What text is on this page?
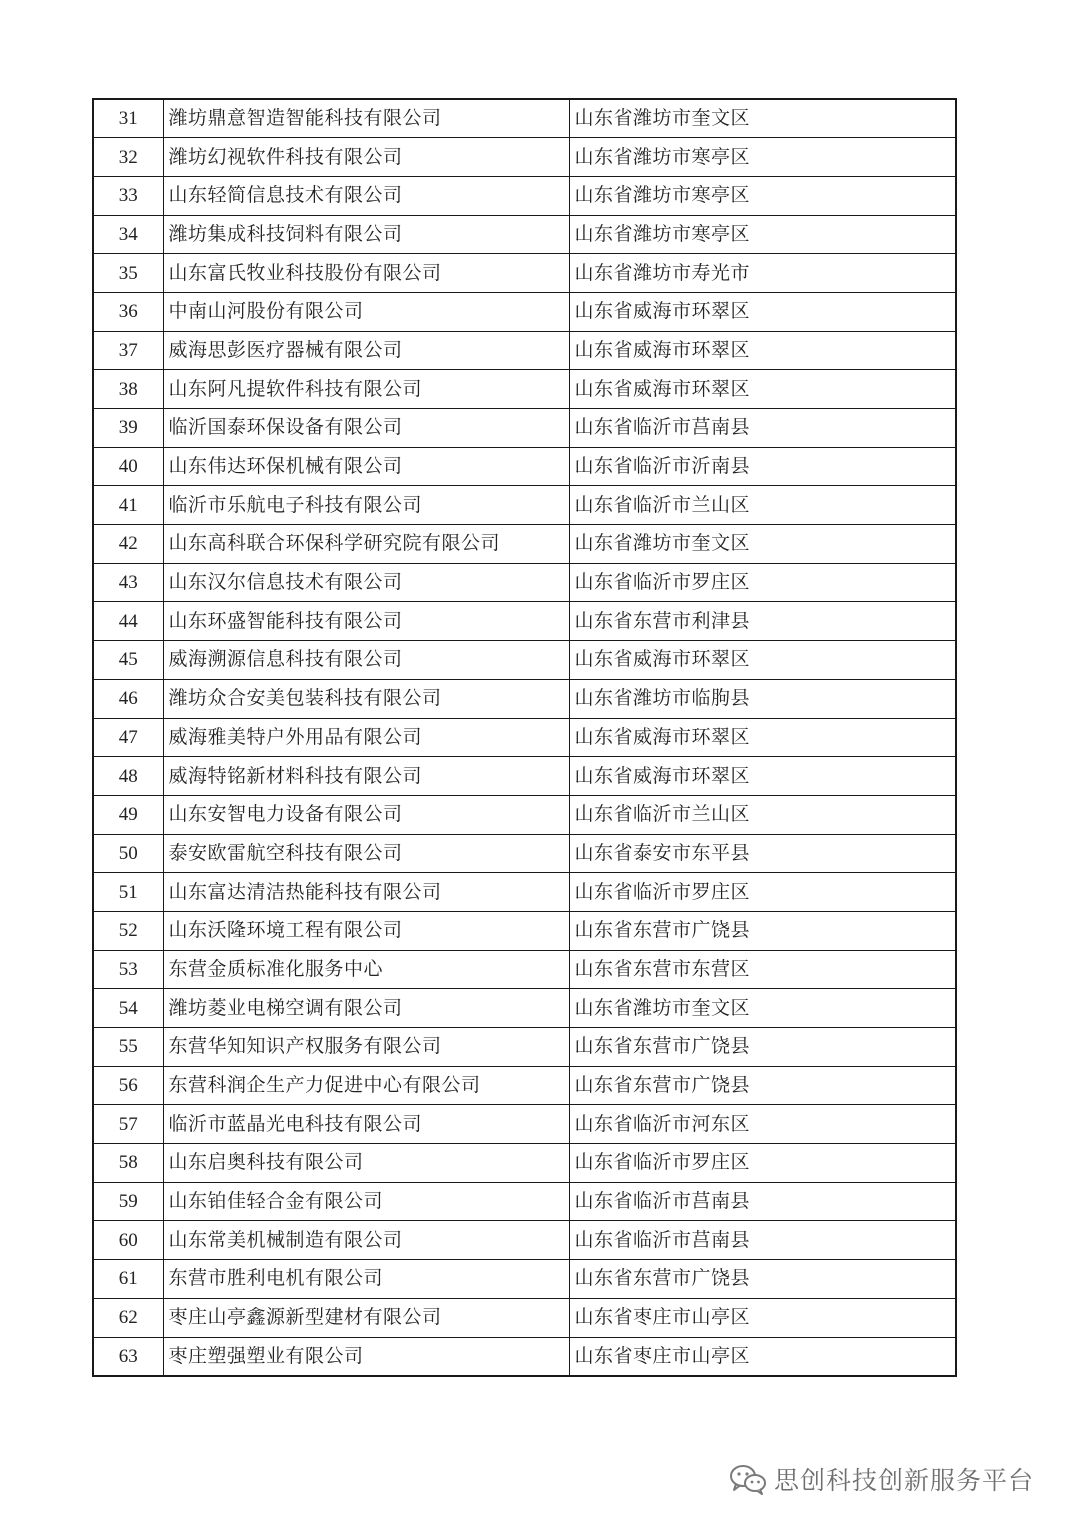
31	潍坊鼎意智造智能科技有限公司	山东省潍坊市奎文区
32	潍坊幻视软件科技有限公司	山东省潍坊市寒亭区
33	山东轻简信息技术有限公司	山东省潍坊市寒亭区
34	潍坊集成科技饲料有限公司	山东省潍坊市寒亭区
35	山东富氏牧业科技股份有限公司	山东省潍坊市寿光市
36	中南山河股份有限公司	山东省威海市环翠区
37	威海思彭医疗器械有限公司	山东省威海市环翠区
38	山东阿凡提软件科技有限公司	山东省威海市环翠区
39	临沂国泰环保设备有限公司	山东省临沂市莒南县
40	山东伟达环保机械有限公司	山东省临沂市沂南县
41	临沂市乐航电子科技有限公司	山东省临沂市兰山区
42	山东高科联合环保科学研究院有限公司	山东省潍坊市奎文区
43	山东汉尔信息技术有限公司	山东省临沂市罗庄区
44	山东环盛智能科技有限公司	山东省东营市利津县
45	威海溯源信息科技有限公司	山东省威海市环翠区
46	潍坊众合安美包装科技有限公司	山东省潍坊市临朐县
47	威海雅美特户外用品有限公司	山东省威海市环翠区
48	威海特铭新材料科技有限公司	山东省威海市环翠区
49	山东安智电力设备有限公司	山东省临沂市兰山区
50	泰安欧雷航空科技有限公司	山东省泰安市东平县
51	山东富达清洁热能科技有限公司	山东省临沂市罗庄区
52	山东沃隆环境工程有限公司	山东省东营市广饶县
53	东营金质标准化服务中心	山东省东营市东营区
54	潍坊菱业电梯空调有限公司	山东省潍坊市奎文区
55	东营华知知识产权服务有限公司	山东省东营市广饶县
56	东营科润企生产力促进中心有限公司	山东省东营市广饶县
57	临沂市蓝晶光电科技有限公司	山东省临沂市河东区
58	山东启奥科技有限公司	山东省临沂市罗庄区
59	山东铂佳轻合金有限公司	山东省临沂市莒南县
60	山东常美机械制造有限公司	山东省临沂市莒南县
61	东营市胜利电机有限公司	山东省东营市广饶县
62	枣庄山亭鑫源新型建材有限公司	山东省枣庄市山亭区
63	枣庄塑强塑业有限公司	山东省枣庄市山亭区
思创科技创新服务平台
